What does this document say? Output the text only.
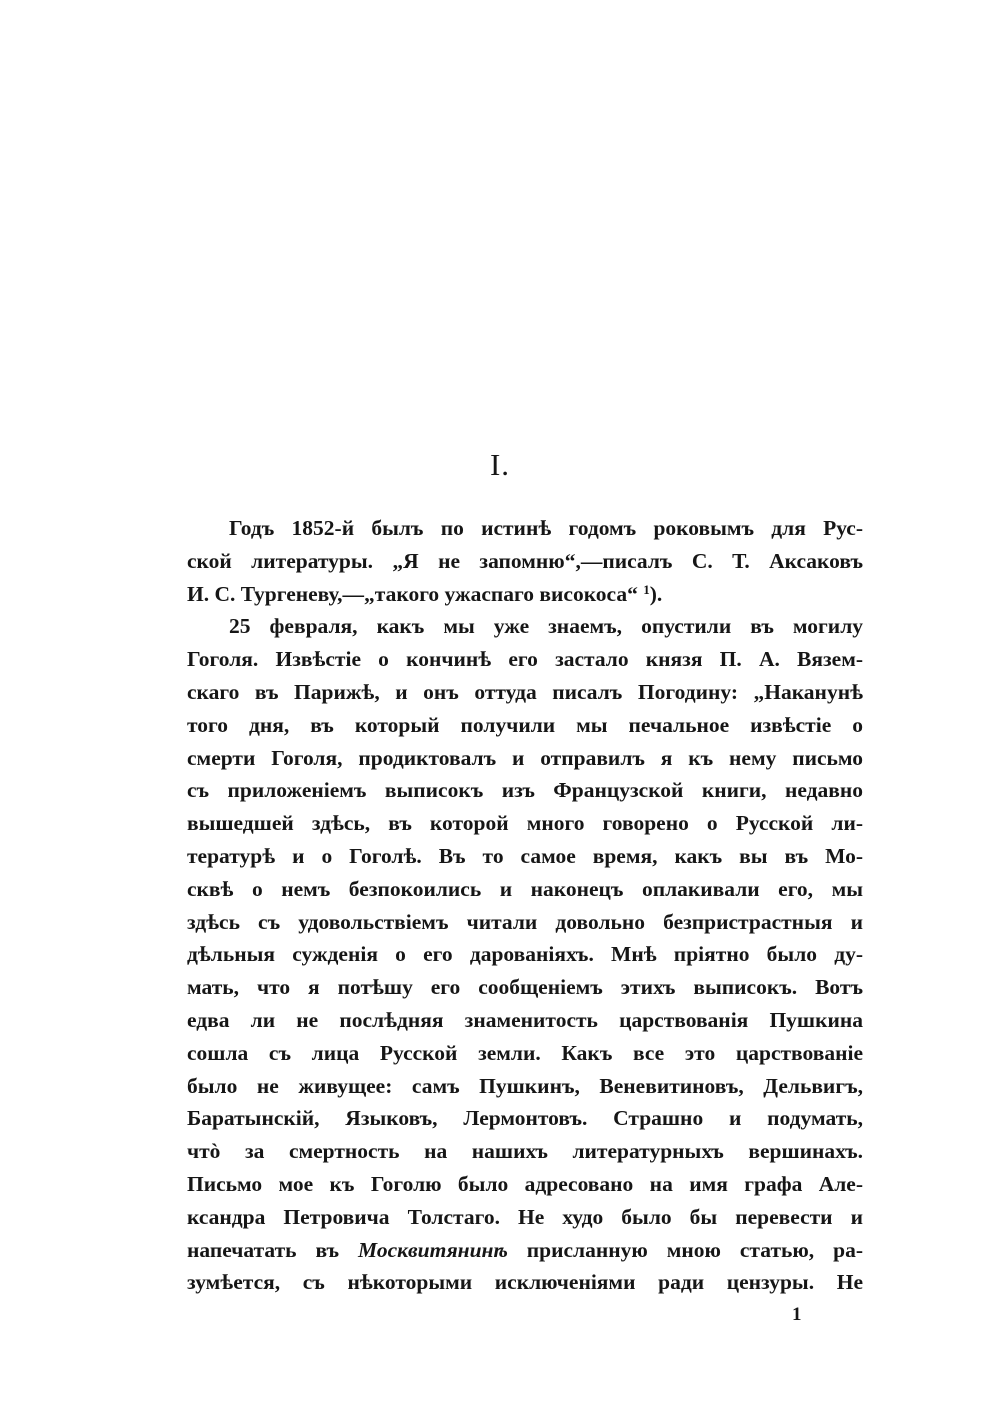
I.
Годъ 1852-й былъ по истинѣ годомъ роковымъ для Рус-
ской литературы. „Я не запомню“,—писалъ С. Т. Аксаковъ
И. С. Тургеневу,—„такого ужаспаго високоса“ $^1$).
25 февраля, какъ мы уже знаемъ, опустили въ могилу
Гоголя. Извѣстіе о кончинѣ его застало князя П. А. Вязем-
скаго въ Парижѣ, и онъ оттуда писалъ Погодину: „Наканунѣ
того дня, въ который получили мы печальное извѣстіе о
смерти Гоголя, продиктовалъ и отправилъ я къ нему письмо
съ приложеніемъ выписокъ изъ Французской книги, недавно
вышедшей здѣсь, въ которой много говорено о Русской ли-
тературѣ и о Гоголѣ. Въ то самое время, какъ вы въ Мо-
сквѣ о немъ безпокоились и наконецъ оплакивали его, мы
здѣсь съ удовольствіемъ читали довольно безпристрастныя и
дѣльныя сужденія о его дарованіяхъ. Мнѣ пріятно было ду-
мать, что я потѣшу его сообщеніемъ этихъ выписокъ. Вотъ
едва ли не послѣдняя знаменитость царствованія Пушкина
сошла съ лица Русской земли. Какъ все это царствованіе
было не живущее: самъ Пушкинъ, Веневитиновъ, Дельвигъ,
Баратынскій, Языковъ, Лермонтовъ. Страшно и подумать,
чтò за смертность на нашихъ литературныхъ вершинахъ.
Письмо мое къ Гоголю было адресовано на имя графа Але-
ксандра Петровича Толстаго. Не худо было бы перевести и
напечатать въ Москвитянинѣ присланную мною статью, ра-
зумѣется, съ нѣкоторыми исключеніями ради цензуры. Не
1
